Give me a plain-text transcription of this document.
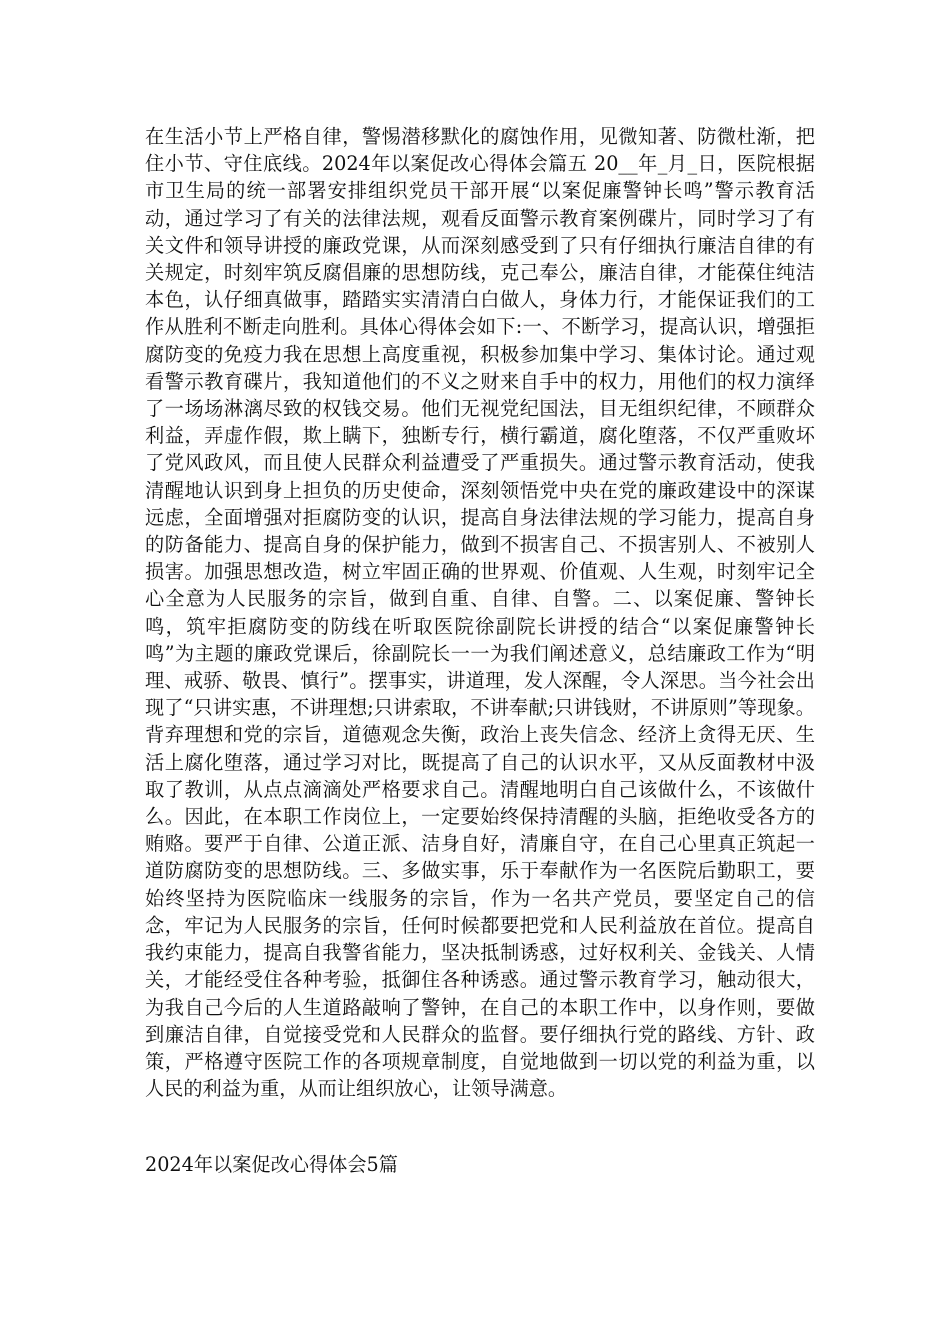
在生活小节上严格自律，警惕潜移默化的腐蚀作用，见微知著、防微杜渐，把住小节、守住底线。2024年以案促改心得体会篇五 20__年_月_日，医院根据市卫生局的统一部署安排组织党员干部开展“以案促廉警钟长鸣”警示教育活动，通过学习了有关的法律法规，观看反面警示教育案例碟片，同时学习了有关文件和领导讲授的廉政党课，从而深刻感受到了只有仔细执行廉洁自律的有关规定，时刻牢筑反腐倡廉的思想防线，克己奉公，廉洁自律，才能葆住纯洁本色，认仔细真做事，踏踏实实清清白白做人，身体力行，才能保证我们的工作从胜利不断走向胜利。具体心得体会如下:一、不断学习，提高认识，增强拒腐防变的免疫力我在思想上高度重视，积极参加集中学习、集体讨论。通过观看警示教育碟片，我知道他们的不义之财来自手中的权力，用他们的权力演绎了一场场淋漓尽致的权钱交易。他们无视党纪国法，目无组织纪律，不顾群众利益，弄虚作假，欺上瞒下，独断专行，横行霸道，腐化堕落，不仅严重败坏了党风政风，而且使人民群众利益遭受了严重损失。通过警示教育活动，使我清醒地认识到身上担负的历史使命，深刻领悟党中央在党的廉政建设中的深谋远虑，全面增强对拒腐防变的认识，提高自身法律法规的学习能力，提高自身的防备能力、提高自身的保护能力，做到不损害自己、不损害别人、不被别人损害。加强思想改造，树立牢固正确的世界观、价值观、人生观，时刻牢记全心全意为人民服务的宗旨，做到自重、自律、自警。二、以案促廉、警钟长鸣，筑牢拒腐防变的防线在听取医院徐副院长讲授的结合“以案促廉警钟长鸣”为主题的廉政党课后，徐副院长一一为我们阐述意义，总结廉政工作为“明理、戒骄、敬畏、慎行”。摆事实，讲道理，发人深醒，令人深思。当今社会出现了“只讲实惠，不讲理想;只讲索取，不讲奉献;只讲钱财，不讲原则”等现象。背弃理想和党的宗旨，道德观念失衡，政治上丧失信念、经济上贪得无厌、生活上腐化堕落，通过学习对比，既提高了自己的认识水平，又从反面教材中汲取了教训，从点点滴滴处严格要求自己。清醒地明白自己该做什么，不该做什么。因此，在本职工作岗位上，一定要始终保持清醒的头脑，拒绝收受各方的贿赂。要严于自律、公道正派、洁身自好，清廉自守，在自己心里真正筑起一道防腐防变的思想防线。三、多做实事，乐于奉献作为一名医院后勤职工，要始终坚持为医院临床一线服务的宗旨，作为一名共产党员，要坚定自己的信念，牢记为人民服务的宗旨，任何时候都要把党和人民利益放在首位。提高自我约束能力，提高自我警省能力，坚决抵制诱惑，过好权利关、金钱关、人情关，才能经受住各种考验，抵御住各种诱惑。通过警示教育学习，触动很大，为我自己今后的人生道路敲响了警钟，在自己的本职工作中，以身作则，要做到廉洁自律，自觉接受党和人民群众的监督。要仔细执行党的路线、方针、政策，严格遵守医院工作的各项规章制度，自觉地做到一切以党的利益为重，以人民的利益为重，从而让组织放心，让领导满意。

2024年以案促改心得体会5篇
